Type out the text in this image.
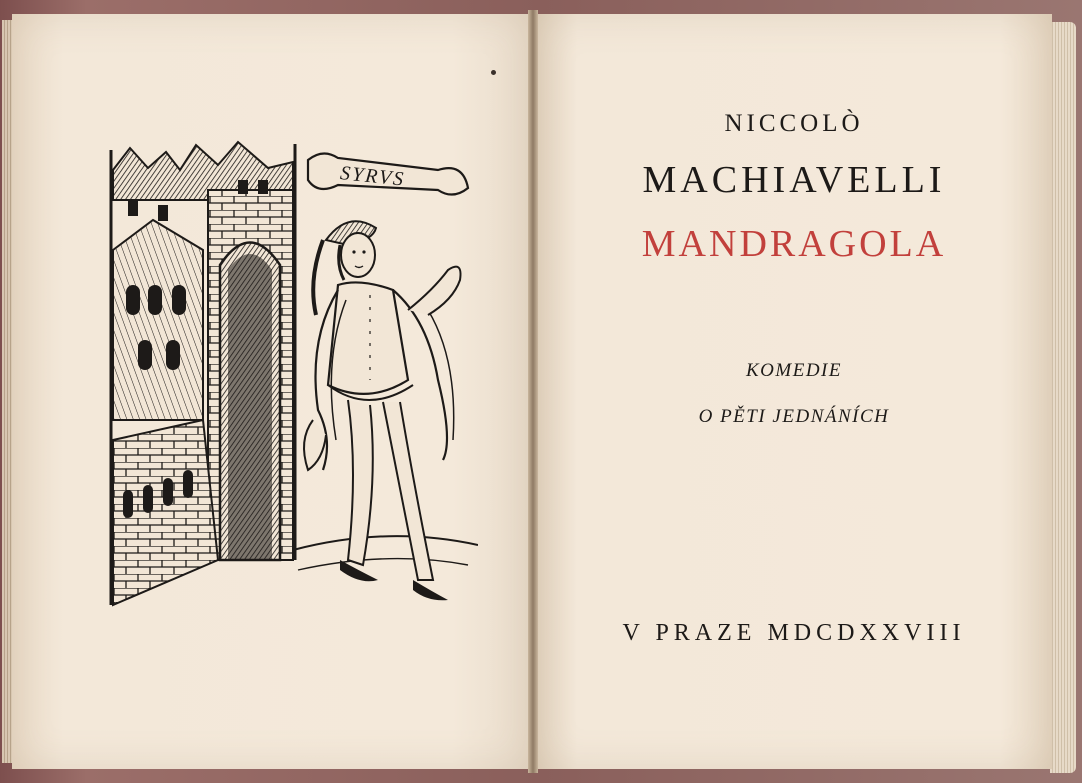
SYRVS
NICCOLÒ
MACHIAVELLI
MANDRAGOLA
KOMEDIE
O PĚTI JEDNÁNÍCH
V PRAZE MDCDXXVIII
